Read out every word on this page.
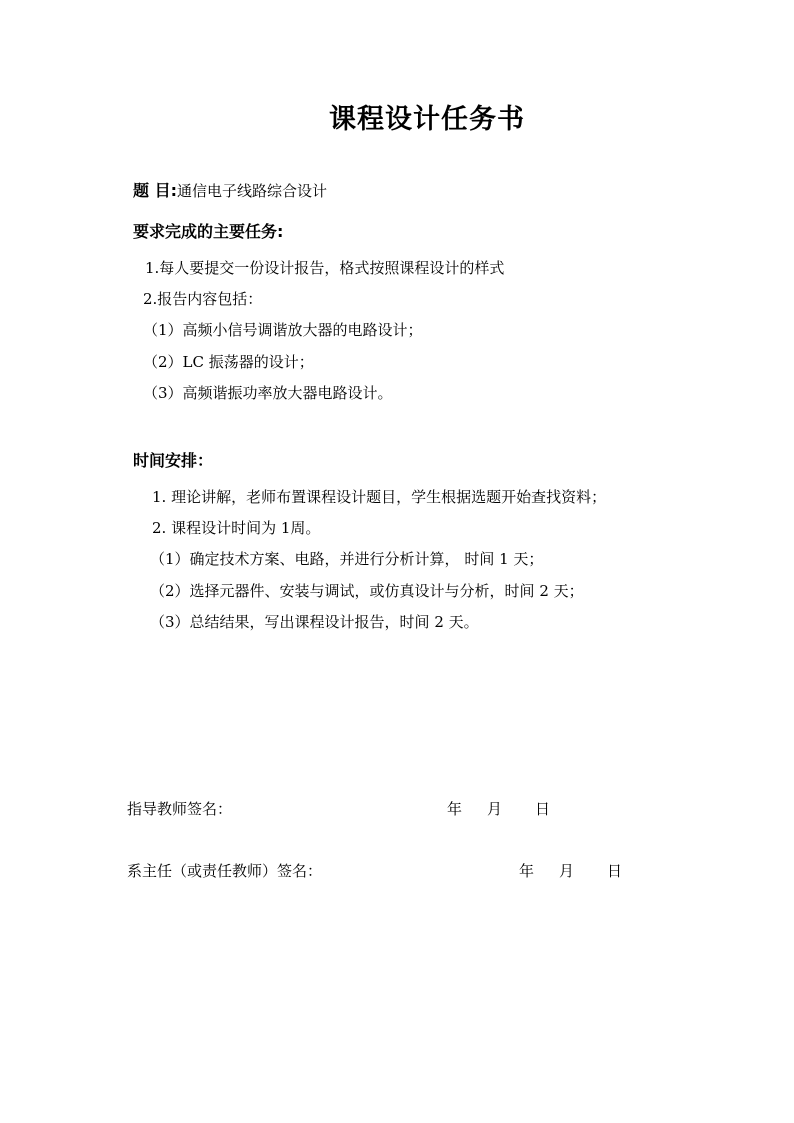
课程设计任务书
题 目:通信电子线路综合设计
要求完成的主要任务:
1.每人要提交一份设计报告，格式按照课程设计的样式
2.报告内容包括：
（1）高频小信号调谐放大器的电路设计；
（2）LC 振荡器的设计；
（3）高频谐振功率放大器电路设计。
时间安排：
1. 理论讲解，老师布置课程设计题目，学生根据选题开始查找资料；
2. 课程设计时间为 1周。
（1）确定技术方案、电路，并进行分析计算， 时间 1 天；
（2）选择元器件、安装与调试，或仿真设计与分析，时间 2 天；
（3）总结结果，写出课程设计报告，时间 2 天。
指导教师签名：	年 月 日
系主任（或责任教师）签名：	年 月 日
